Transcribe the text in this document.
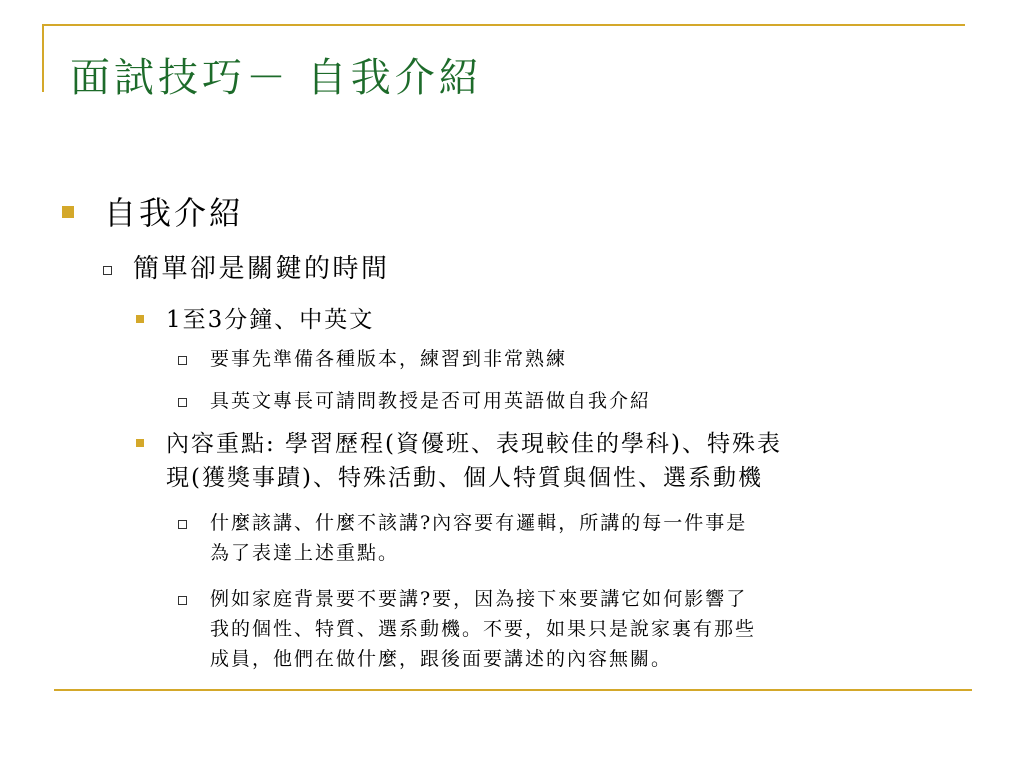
面試技巧－ 自我介紹
自我介紹
簡單卻是關鍵的時間
1至3分鐘、中英文
要事先準備各種版本，練習到非常熟練
具英文專長可請問教授是否可用英語做自我介紹
內容重點: 學習歷程(資優班、表現較佳的學科)、特殊表
現(獲獎事蹟)、特殊活動、個人特質與個性、選系動機
什麼該講、什麼不該講?內容要有邏輯，所講的每一件事是
為了表達上述重點。
例如家庭背景要不要講?要，因為接下來要講它如何影響了
我的個性、特質、選系動機。不要，如果只是說家裏有那些
成員，他們在做什麼，跟後面要講述的內容無關。
